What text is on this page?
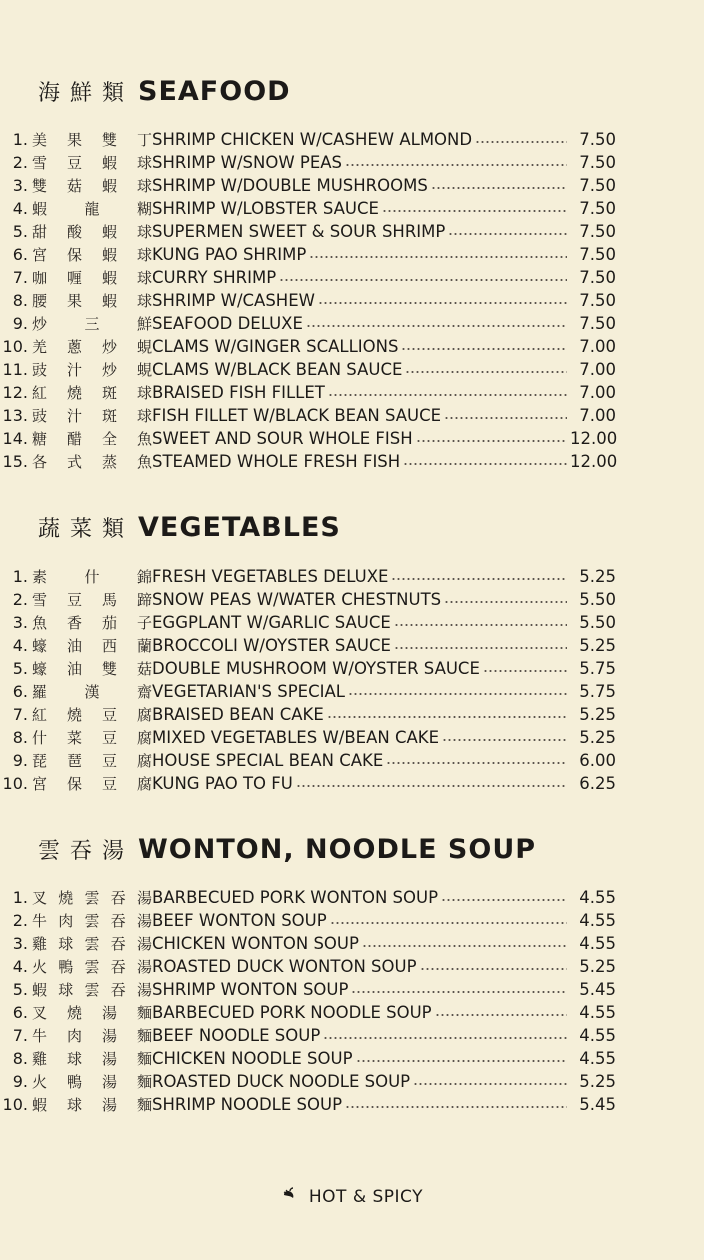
海鮮類 SEAFOOD
1. 美果雙丁 SHRIMP CHICKEN W/CASHEW ALMOND	7.50
2. 雪豆蝦球 SHRIMP W/SNOW PEAS	7.50
3. 雙菇蝦球 SHRIMP W/DOUBLE MUSHROOMS	7.50
4. 蝦龍糊 SHRIMP W/LOBSTER SAUCE	7.50
5. 甜酸蝦球 SUPERMEN SWEET & SOUR SHRIMP	7.50
6. 宮保蝦球 KUNG PAO SHRIMP	7.50
7. 咖喱蝦球 CURRY SHRIMP	7.50
8. 腰果蝦球 SHRIMP W/CASHEW	7.50
9. 炒三鮮 SEAFOOD DELUXE	7.50
10. 羌蔥炒蜆 CLAMS W/GINGER SCALLIONS	7.00
11. 豉汁炒蜆 CLAMS W/BLACK BEAN SAUCE	7.00
12. 紅燒斑球 BRAISED FISH FILLET	7.00
13. 豉汁斑球 FISH FILLET W/BLACK BEAN SAUCE	7.00
14. 糖醋全魚 SWEET AND SOUR WHOLE FISH	12.00
15. 各式蒸魚 STEAMED WHOLE FRESH FISH	12.00
蔬菜類 VEGETABLES
1. 素什錦 FRESH VEGETABLES DELUXE	5.25
2. 雪豆馬蹄 SNOW PEAS W/WATER CHESTNUTS	5.50
3. 魚香茄子 EGGPLANT W/GARLIC SAUCE	5.50
4. 蠔油西蘭 BROCCOLI W/OYSTER SAUCE	5.25
5. 蠔油雙菇 DOUBLE MUSHROOM W/OYSTER SAUCE	5.75
6. 羅漢齋 VEGETARIAN'S SPECIAL	5.75
7. 紅燒豆腐 BRAISED BEAN CAKE	5.25
8. 什菜豆腐 MIXED VEGETABLES W/BEAN CAKE	5.25
9. 琵琶豆腐 HOUSE SPECIAL BEAN CAKE	6.00
10. 宮保豆腐 KUNG PAO TO FU	6.25
雲吞湯 WONTON, NOODLE SOUP
1. 叉燒雲吞湯 BARBECUED PORK WONTON SOUP	4.55
2. 牛肉雲吞湯 BEEF WONTON SOUP	4.55
3. 雞球雲吞湯 CHICKEN WONTON SOUP	4.55
4. 火鴨雲吞湯 ROASTED DUCK WONTON SOUP	5.25
5. 蝦球雲吞湯 SHRIMP WONTON SOUP	5.45
6. 叉燒湯麵 BARBECUED PORK NOODLE SOUP	4.55
7. 牛肉湯麵 BEEF NOODLE SOUP	4.55
8. 雞球湯麵 CHICKEN NOODLE SOUP	4.55
9. 火鴨湯麵 ROASTED DUCK NOODLE SOUP	5.25
10. 蝦球湯麵 SHRIMP NOODLE SOUP	5.45
HOT & SPICY
